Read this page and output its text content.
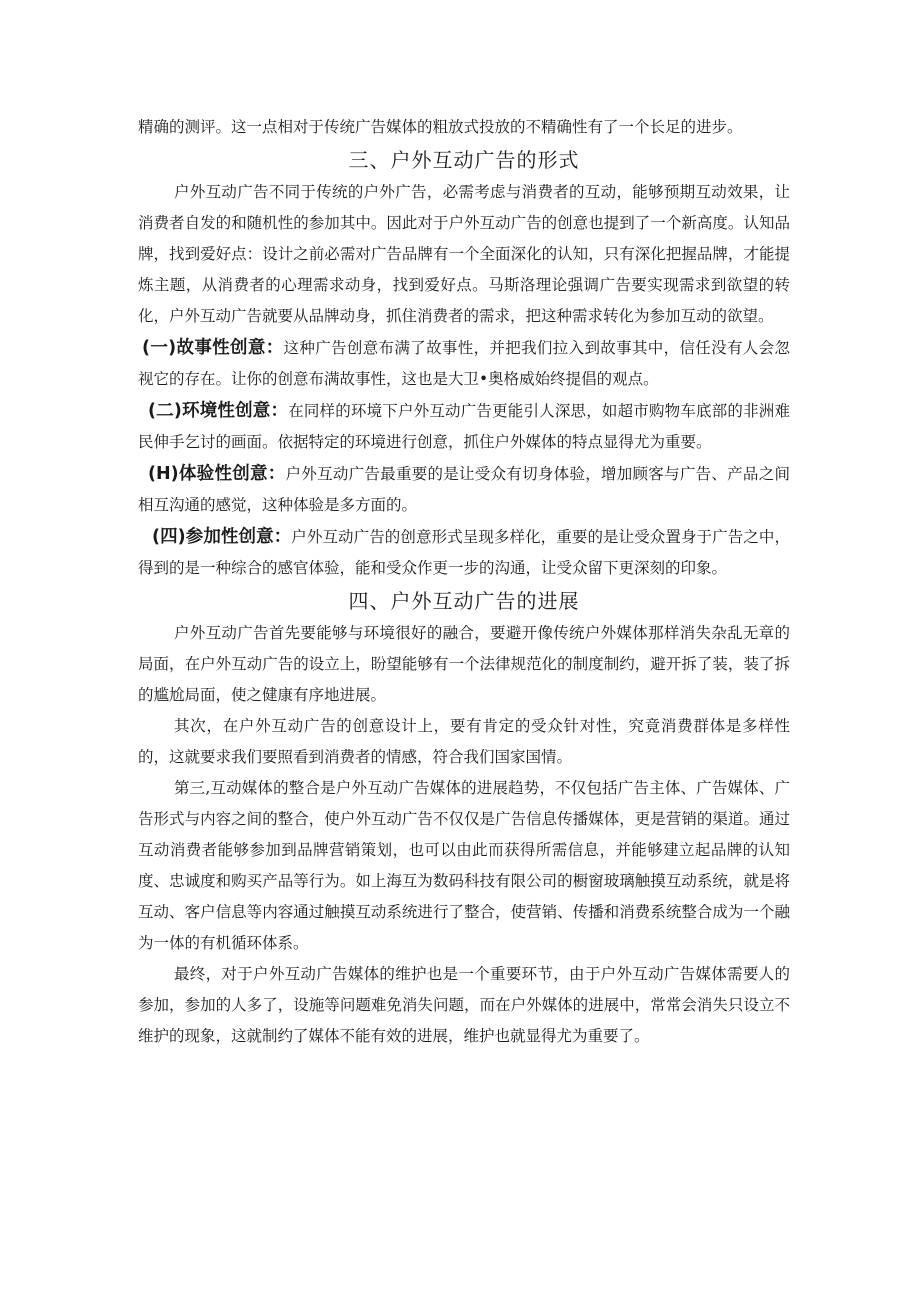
精确的测评。这一点相对于传统广告媒体的粗放式投放的不精确性有了一个长足的进步。

三、户外互动广告的形式

户外互动广告不同于传统的户外广告，必需考虑与消费者的互动，能够预期互动效果，让消费者自发的和随机性的参加其中。因此对于户外互动广告的创意也提到了一个新高度。认知品牌，找到爱好点：设计之前必需对广告品牌有一个全面深化的认知，只有深化把握品牌，才能提炼主题，从消费者的心理需求动身，找到爱好点。马斯洛理论强调广告要实现需求到欲望的转化，户外互动广告就要从品牌动身，抓住消费者的需求，把这种需求转化为参加互动的欲望。

(一)故事性创意：这种广告创意布满了故事性，并把我们拉入到故事其中，信任没有人会忽视它的存在。让你的创意布满故事性，这也是大卫•奥格威始终提倡的观点。

(二)环境性创意：在同样的环境下户外互动广告更能引人深思，如超市购物车底部的非洲难民伸手乞讨的画面。依据特定的环境进行创意，抓住户外媒体的特点显得尤为重要。

(H)体验性创意：户外互动广告最重要的是让受众有切身体验，增加顾客与广告、产品之间相互沟通的感觉，这种体验是多方面的。

(四)参加性创意：户外互动广告的创意形式呈现多样化，重要的是让受众置身于广告之中，得到的是一种综合的感官体验，能和受众作更一步的沟通，让受众留下更深刻的印象。

四、户外互动广告的进展

户外互动广告首先要能够与环境很好的融合，要避开像传统户外媒体那样消失杂乱无章的局面，在户外互动广告的设立上，盼望能够有一个法律规范化的制度制约，避开拆了装，装了拆的尴尬局面，使之健康有序地进展。

其次，在户外互动广告的创意设计上，要有肯定的受众针对性，究竟消费群体是多样性的，这就要求我们要照看到消费者的情感，符合我们国家国情。

第三,互动媒体的整合是户外互动广告媒体的进展趋势，不仅包括广告主体、广告媒体、广告形式与内容之间的整合，使户外互动广告不仅仅是广告信息传播媒体，更是营销的渠道。通过互动消费者能够参加到品牌营销策划，也可以由此而获得所需信息，并能够建立起品牌的认知度、忠诚度和购买产品等行为。如上海互为数码科技有限公司的橱窗玻璃触摸互动系统，就是将互动、客户信息等内容通过触摸互动系统进行了整合，使营销、传播和消费系统整合成为一个融为一体的有机循环体系。

最终，对于户外互动广告媒体的维护也是一个重要环节，由于户外互动广告媒体需要人的参加，参加的人多了，设施等问题难免消失问题，而在户外媒体的进展中，常常会消失只设立不维护的现象，这就制约了媒体不能有效的进展，维护也就显得尤为重要了。
